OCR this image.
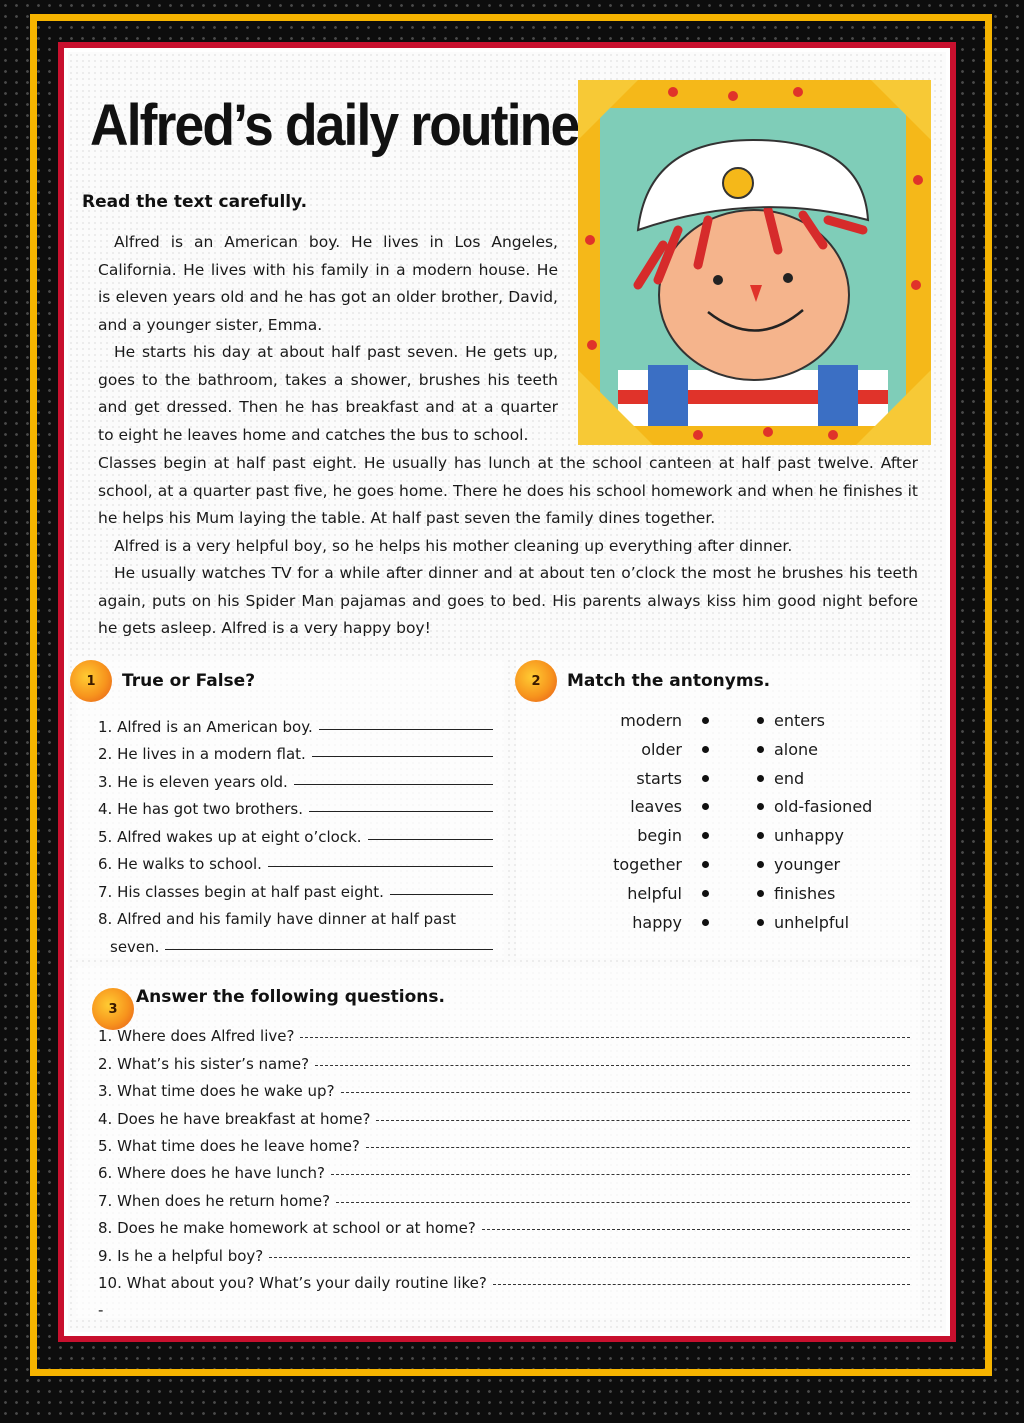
Alfred’s daily routine
Read the text carefully.

Alfred is an American boy. He lives in Los Angeles, California. He lives with his family in a modern house. He is eleven years old and he has got an older brother, David, and a younger sister, Emma.

He starts his day at about half past seven. He gets up, goes to the bathroom, takes a shower, brushes his teeth and get dressed. Then he has breakfast and at a quarter to eight he leaves home and catches the bus to school.

Classes begin at half past eight. He usually has lunch at the school canteen at half past twelve. After school, at a quarter past five, he goes home. There he does his school homework and when he finishes it he helps his Mum laying the table. At half past seven the family dines together.

Alfred is a very helpful boy, so he helps his mother cleaning up everything after dinner.

He usually watches TV for a while after dinner and at about ten o’clock the most he brushes his teeth again, puts on his Spider Man pajamas and goes to bed. His parents always kiss him good night before he gets asleep. Alfred is a very happy boy!

1	True or False?
1. Alfred is an American boy.
2. He lives in a modern flat.
3. He is eleven years old.
4. He has got two brothers.
5. Alfred wakes up at eight o’clock.
6. He walks to school.
7. His classes begin at half past eight.
8. Alfred and his family have dinner at half past
seven.
2	Match the antonyms.
modern	enters
older	alone
starts	end
leaves	old-fasioned
begin	unhappy
together	younger
helpful	finishes
happy	unhelpful
3
Answer the following questions.
1. Where does Alfred live?
2. What’s his sister’s name?
3. What time does he wake up?
4. Does he have breakfast at home?
5. What time does he leave home?
6. Where does he have lunch?
7. When does he return home?
8. Does he make homework at school or at home?
9. Is he a helpful boy?
10. What about you? What’s your daily routine like?
-
